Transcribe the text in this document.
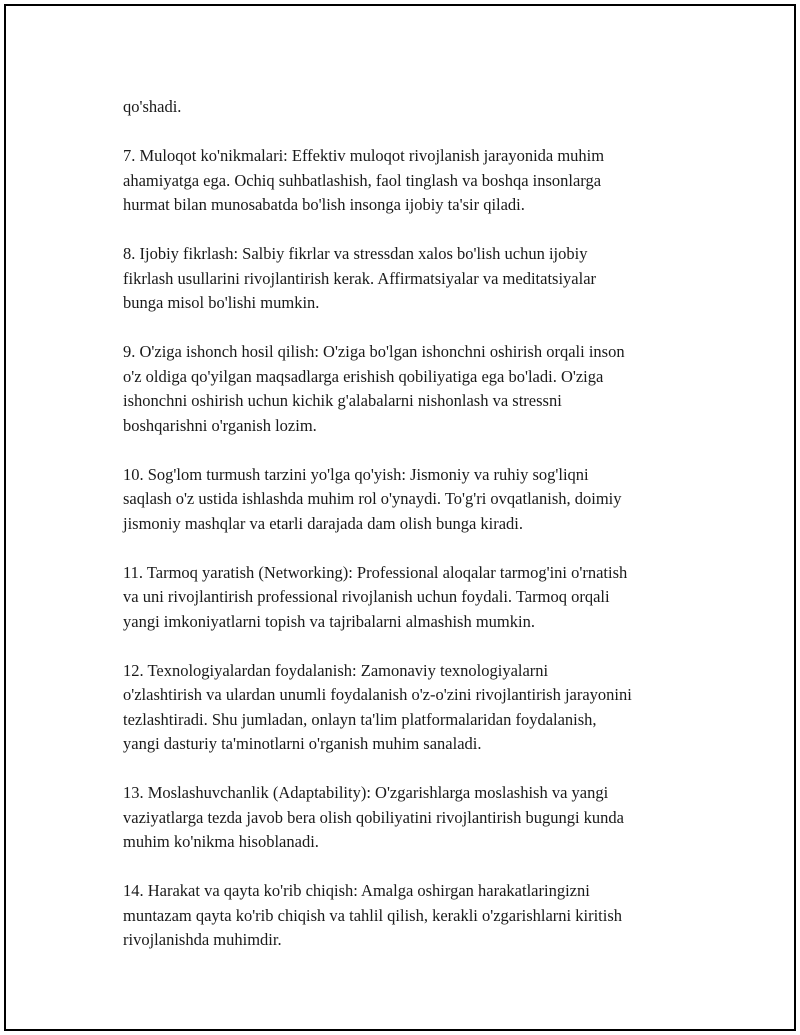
qo'shadi.

7. Muloqot ko'nikmalari: Effektiv muloqot rivojlanish jarayonida muhim
ahamiyatga ega. Ochiq suhbatlashish, faol tinglash va boshqa insonlarga
hurmat bilan munosabatda bo'lish insonga ijobiy ta'sir qiladi.

8. Ijobiy fikrlash: Salbiy fikrlar va stressdan xalos bo'lish uchun ijobiy
fikrlash usullarini rivojlantirish kerak. Affirmatsiyalar va meditatsiyalar
bunga misol bo'lishi mumkin.

9. O'ziga ishonch hosil qilish: O'ziga bo'lgan ishonchni oshirish orqali inson
o'z oldiga qo'yilgan maqsadlarga erishish qobiliyatiga ega bo'ladi. O'ziga
ishonchni oshirish uchun kichik g'alabalarni nishonlash va stressni
boshqarishni o'rganish lozim.

10. Sog'lom turmush tarzini yo'lga qo'yish: Jismoniy va ruhiy sog'liqni
saqlash o'z ustida ishlashda muhim rol o'ynaydi. To'g'ri ovqatlanish, doimiy
jismoniy mashqlar va etarli darajada dam olish bunga kiradi.

11. Tarmoq yaratish (Networking): Professional aloqalar tarmog'ini o'rnatish
va uni rivojlantirish professional rivojlanish uchun foydali. Tarmoq orqali
yangi imkoniyatlarni topish va tajribalarni almashish mumkin.

12. Texnologiyalardan foydalanish: Zamonaviy texnologiyalarni
o'zlashtirish va ulardan unumli foydalanish o'z-o'zini rivojlantirish jarayonini
tezlashtiradi. Shu jumladan, onlayn ta'lim platformalaridan foydalanish,
yangi dasturiy ta'minotlarni o'rganish muhim sanaladi.

13. Moslashuvchanlik (Adaptability): O'zgarishlarga moslashish va yangi
vaziyatlarga tezda javob bera olish qobiliyatini rivojlantirish bugungi kunda
muhim ko'nikma hisoblanadi.

14. Harakat va qayta ko'rib chiqish: Amalga oshirgan harakatlaringizni
muntazam qayta ko'rib chiqish va tahlil qilish, kerakli o'zgarishlarni kiritish
rivojlanishda muhimdir.
